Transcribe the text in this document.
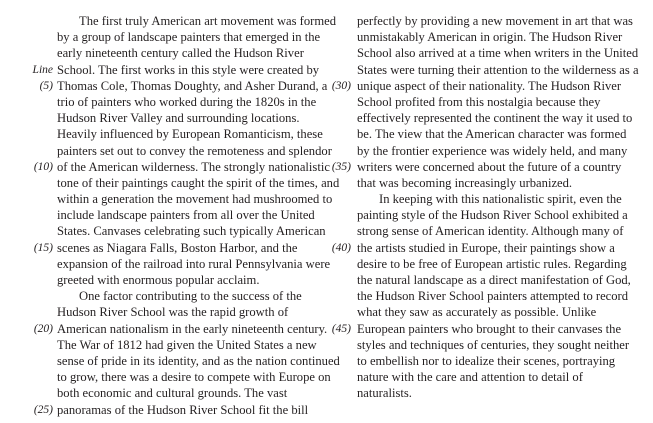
The first truly American art movement was formed
by a group of landscape painters that emerged in the
early nineteenth century called the Hudson River
Line School. The first works in this style were created by
(5) Thomas Cole, Thomas Doughty, and Asher Durand, a
trio of painters who worked during the 1820s in the
Hudson River Valley and surrounding locations.
Heavily influenced by European Romanticism, these
painters set out to convey the remoteness and splendor
(10) of the American wilderness. The strongly nationalistic
tone of their paintings caught the spirit of the times, and
within a generation the movement had mushroomed to
include landscape painters from all over the United
States. Canvases celebrating such typically American
(15) scenes as Niagara Falls, Boston Harbor, and the
expansion of the railroad into rural Pennsylvania were
greeted with enormous popular acclaim.
One factor contributing to the success of the
Hudson River School was the rapid growth of
(20) American nationalism in the early nineteenth century.
The War of 1812 had given the United States a new
sense of pride in its identity, and as the nation continued
to grow, there was a desire to compete with Europe on
both economic and cultural grounds. The vast
(25) panoramas of the Hudson River School fit the bill
perfectly by providing a new movement in art that was
unmistakably American in origin. The Hudson River
School also arrived at a time when writers in the United
States were turning their attention to the wilderness as a
(30) unique aspect of their nationality. The Hudson River
School profited from this nostalgia because they
effectively represented the continent the way it used to
be. The view that the American character was formed
by the frontier experience was widely held, and many
(35) writers were concerned about the future of a country
that was becoming increasingly urbanized.
In keeping with this nationalistic spirit, even the
painting style of the Hudson River School exhibited a
strong sense of American identity. Although many of
(40) the artists studied in Europe, their paintings show a
desire to be free of European artistic rules. Regarding
the natural landscape as a direct manifestation of God,
the Hudson River School painters attempted to record
what they saw as accurately as possible. Unlike
(45) European painters who brought to their canvases the
styles and techniques of centuries, they sought neither
to embellish nor to idealize their scenes, portraying
nature with the care and attention to detail of
naturalists.
